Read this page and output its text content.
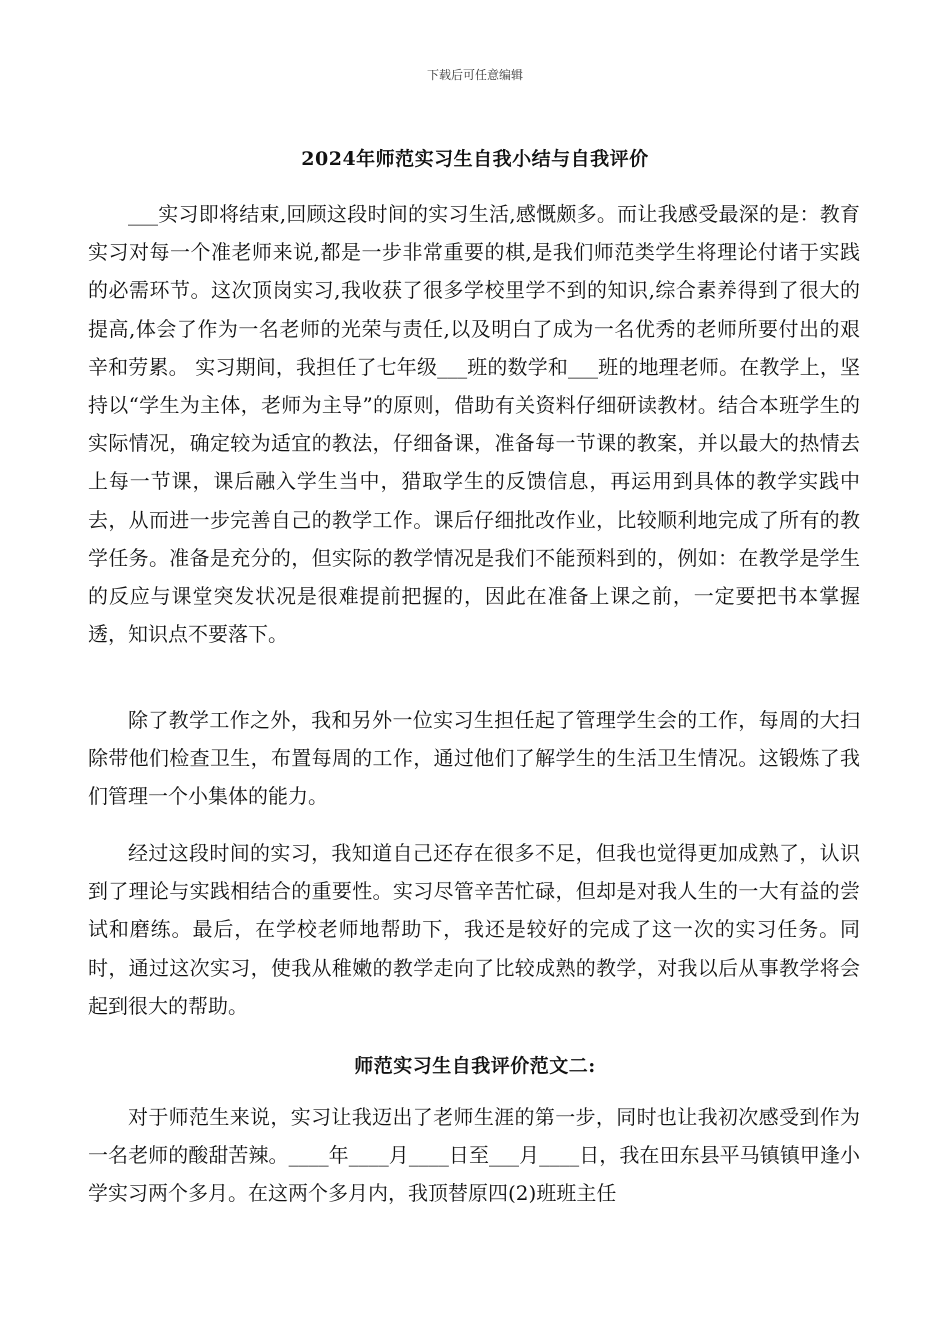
下载后可任意编辑
2024年师范实习生自我小结与自我评价

___实习即将结束,回顾这段时间的实习生活,感慨颇多。而让我感受最深的是：教育实习对每一个准老师来说,都是一步非常重要的棋,是我们师范类学生将理论付诸于实践的必需环节。这次顶岗实习,我收获了很多学校里学不到的知识,综合素养得到了很大的提高,体会了作为一名老师的光荣与责任,以及明白了成为一名优秀的老师所要付出的艰辛和劳累。 实习期间，我担任了七年级___班的数学和___班的地理老师。在教学上，坚持以“学生为主体，老师为主导”的原则，借助有关资料仔细研读教材。结合本班学生的实际情况，确定较为适宜的教法，仔细备课，准备每一节课的教案，并以最大的热情去上每一节课，课后融入学生当中，猎取学生的反馈信息，再运用到具体的教学实践中去，从而进一步完善自己的教学工作。课后仔细批改作业，比较顺利地完成了所有的教学任务。准备是充分的，但实际的教学情况是我们不能预料到的，例如：在教学是学生的反应与课堂突发状况是很难提前把握的，因此在准备上课之前，一定要把书本掌握透，知识点不要落下。

除了教学工作之外，我和另外一位实习生担任起了管理学生会的工作，每周的大扫除带他们检查卫生，布置每周的工作，通过他们了解学生的生活卫生情况。这锻炼了我们管理一个小集体的能力。

经过这段时间的实习，我知道自己还存在很多不足，但我也觉得更加成熟了，认识到了理论与实践相结合的重要性。实习尽管辛苦忙碌，但却是对我人生的一大有益的尝试和磨练。最后，在学校老师地帮助下，我还是较好的完成了这一次的实习任务。同时，通过这次实习，使我从稚嫩的教学走向了比较成熟的教学，对我以后从事教学将会起到很大的帮助。

师范实习生自我评价范文二:

对于师范生来说，实习让我迈出了老师生涯的第一步，同时也让我初次感受到作为一名老师的酸甜苦辣。____年____月____日至___月____日，我在田东县平马镇镇甲逢小学实习两个多月。在这两个多月内，我顶替原四(2)班班主任
